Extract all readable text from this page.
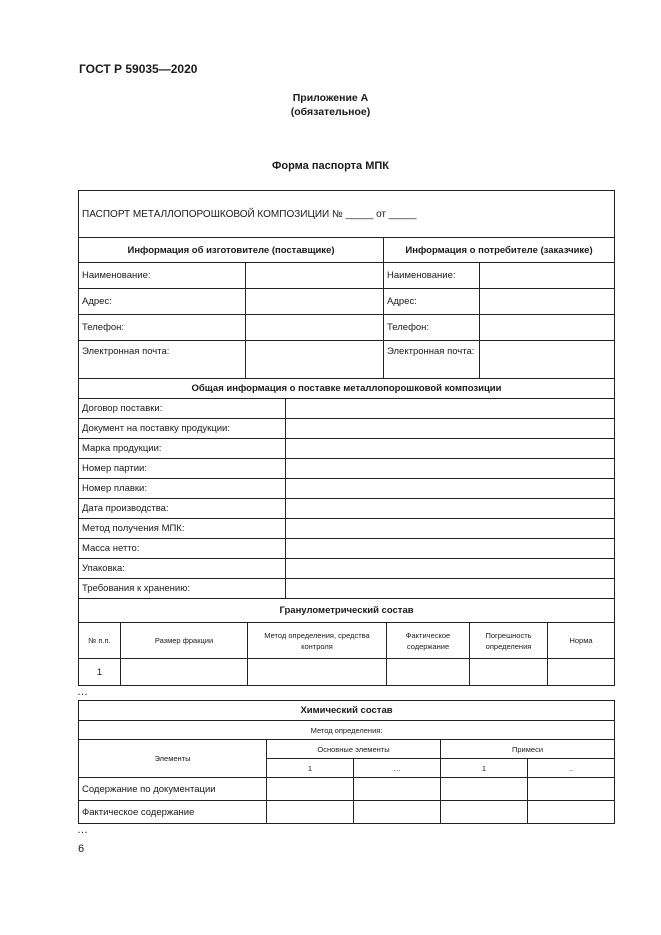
ГОСТ Р 59035—2020
Приложение А
(обязательное)
Форма паспорта МПК
ПАСПОРТ МЕТАЛЛОПОРОШКОВОЙ КОМПОЗИЦИИ № _____ от _____			
Информация об изготовителе (поставщике)		Информация о потребителе (заказчике)	
Наименование:		Наименование:	
Адрес:		Адрес:	
Телефон:		Телефон:	
Электронная почта:		Электронная почта:	
Общая информация о поставке металлопорошковой композиции	
Договор поставки:	
Документ на поставку продукции:	
Марка продукции:	
Номер партии:	
Номер плавки:	
Дата производства:	
Метод получения МПК:	
Масса нетто:	
Упаковка:	
Требования к хранению:	
Гранулометрический состав					
№ п.п.	Размер фракции	Метод определения, средства контроля	Фактическое содержание	Погрешность определения	Норма
1					
…
Химический состав				
Метод определения:				
Элементы	Основные элементы		Примеси	
	1	…	1	..
Содержание по документации				
Фактическое содержание				
…
6
